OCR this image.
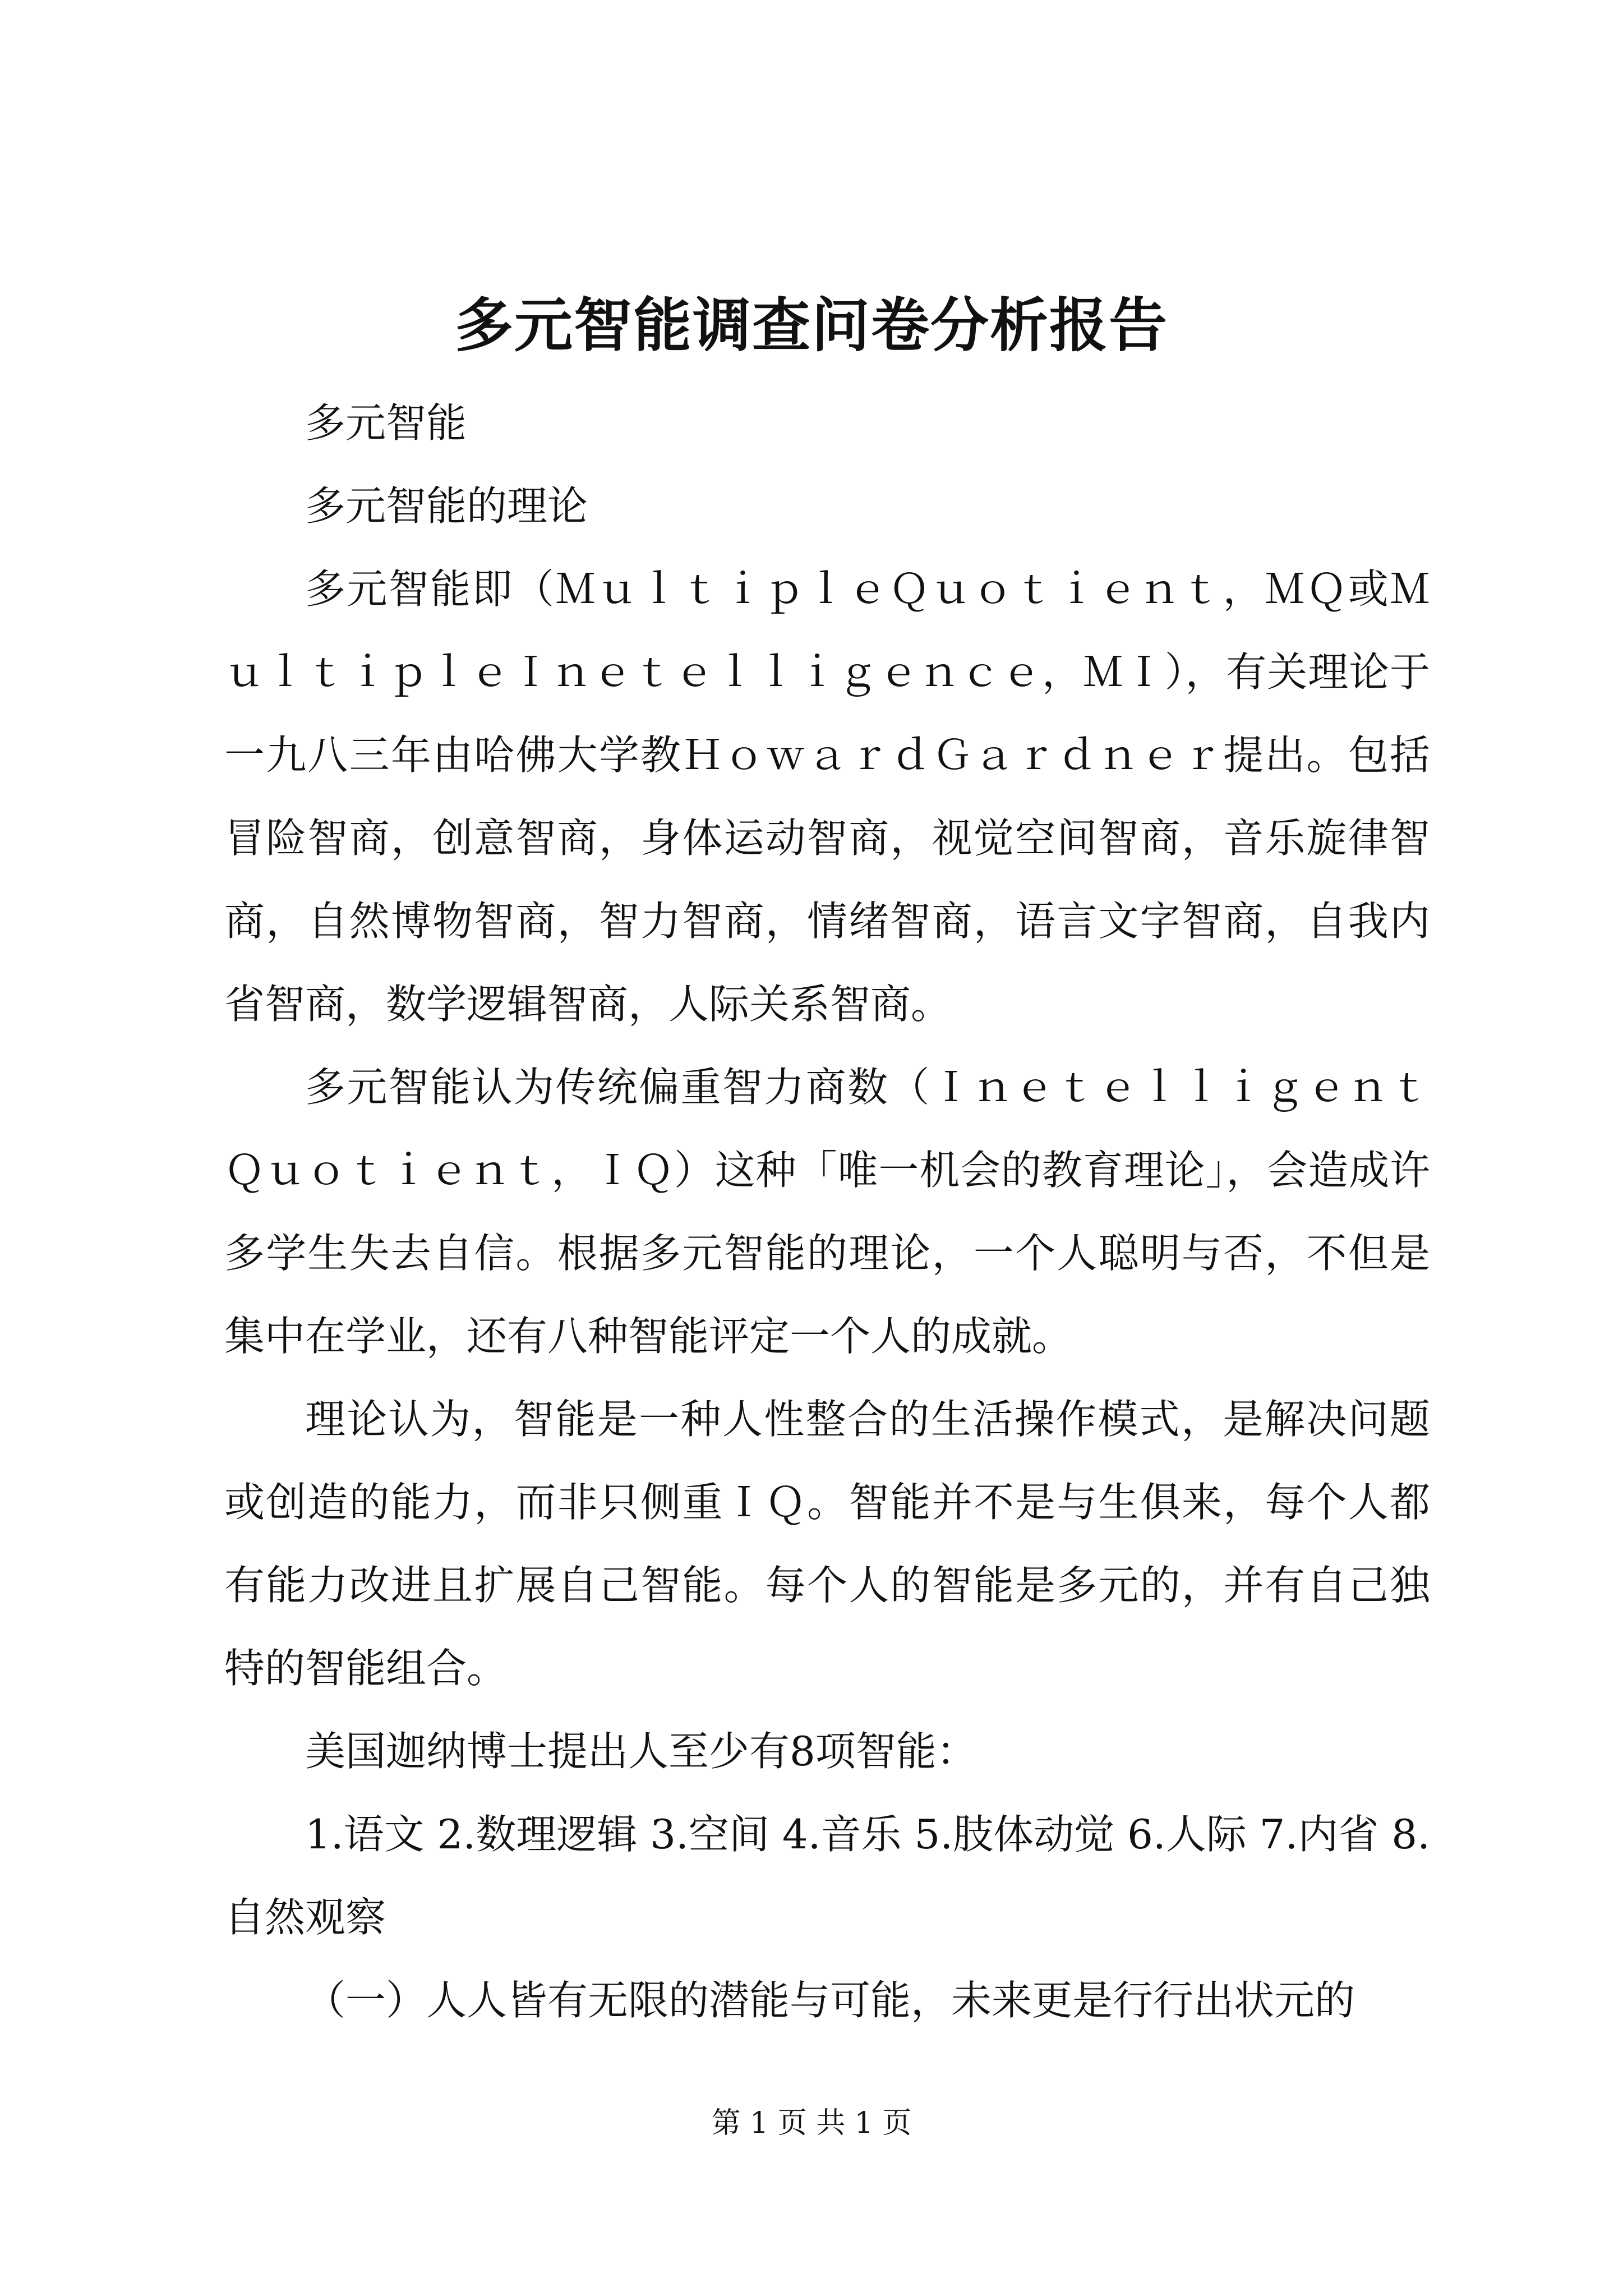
多元智能调查问卷分析报告

多元智能

多元智能的理论

多元智能即（ＭｕｌｔｉｐｌｅＱｕｏｔｉｅｎｔ，ＭＱ或ＭｕｌｔｉｐｌｅＩｎｅｔｅｌｌｉｇｅｎｃｅ，ＭＩ），有关理论于一九八三年由哈佛大学教ＨｏｗａｒｄＧａｒｄｎｅｒ提出。包括冒险智商，创意智商，身体运动智商，视觉空间智商，音乐旋律智商，自然博物智商，智力智商，情绪智商，语言文字智商，自我内省智商，数学逻辑智商，人际关系智商。

多元智能认为传统偏重智力商数（ＩｎｅｔｅｌｌｉｇｅｎｔＱｕｏｔｉｅｎｔ，ＩＱ）这种「唯一机会的教育理论」，会造成许多学生失去自信。根据多元智能的理论，一个人聪明与否，不但是集中在学业，还有八种智能评定一个人的成就。

理论认为，智能是一种人性整合的生活操作模式，是解决问题或创造的能力，而非只侧重ＩＱ。智能并不是与生俱来，每个人都有能力改进且扩展自己智能。每个人的智能是多元的，并有自己独特的智能组合。

美国迦纳博士提出人至少有8项智能：

1.语文 2.数理逻辑 3.空间 4.音乐 5.肢体动觉 6.人际 7.内省 8.自然观察

（一）人人皆有无限的潜能与可能，未来更是行行出状元的

第 1 页 共 1 页
